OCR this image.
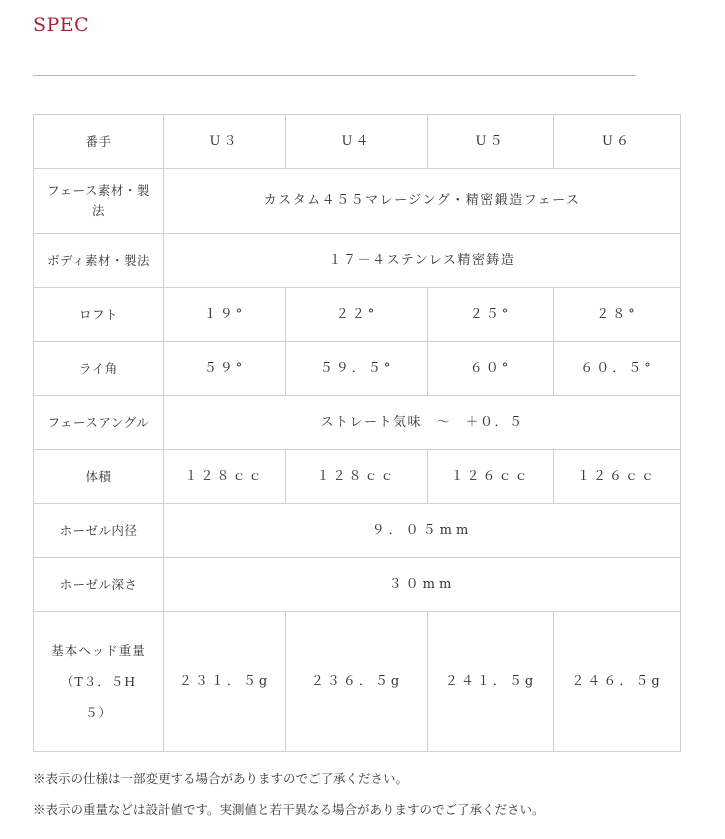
SPEC
番手	U３	U４	U５	U６
フェース素材・製法	カスタム４５５マレージング・精密鍛造フェース			
ボディ素材・製法	１７－４ステンレス精密鋳造			
ロフト	１９°	２２°	２５°	２８°
ライ角	５９°	５９．５°	６０°	６０．５°
フェースアングル	ストレート気味　～　＋０．５			
体積	１２８ｃｃ	１２８ｃｃ	１２６ｃｃ	１２６ｃｃ
ホーゼル内径	９．０５mm			
ホーゼル深さ	３０mm			

基本ヘッド重量
（T３．５H
５）	２３１．５g	２３６．５g	２４１．５g	２４６．５g

※表示の仕様は一部変更する場合がありますのでご了承ください。

※表示の重量などは設計値です。実測値と若干異なる場合がありますのでご了承ください。
